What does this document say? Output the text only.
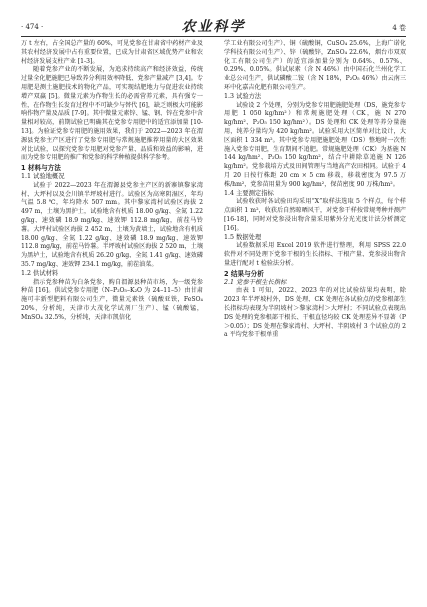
· 474 ·	农业科学	4 卷

万 t 左右，占全国总产量的 60%，可见党参在甘肃省中药材产业及其农村经济发展中占有重要位置，已成为甘肃省区域优势产业和农村经济发展支柱产业 [1-3]。

随着党参产业的不断发展，为追求持续高产和经济效益，传统过量全化肥施肥已导致养分利用效率降低、党参产量减产 [3,4]。专用肥是测土施肥技术的物化产品，可实现结肥地力与促进农业持续增产双赢 [5]。微量元素为作物生长的必需营养元素，具有强专一性，在作物生长发育过程中不可缺少与替代 [6]，缺乏则极大可能影响作物产量及品质 [7-9]。其中微量元素锌、锰、钢、锌在党参中含量相对较高，前期试验已明确其在党参专用肥中的适宜添加量 [10-13]。为验证党参专用肥的施用效果，我们于 2022—2023 年在渭源县党参主产区进行了党参专用肥与常规施肥推荐用量的大区效果对比试验，以探究党参专用肥对党参产量、品质和效益的影响，进而为党参专用肥的推广和党参的科学种植提供科学参考。

1 材料与方法
1.1 试验地概况

试验于 2022—2023 年在渭源县党参主产区的新寨镇黎家湾村、大坪村以及会川镇半坪坡村进行。试验区为高寒阴湿区，年均气温 5.8 ℃，年均降水 507 mm。其中黎家湾村试验区海拔 2 497 m，土壤为黑护土，试验地含有机质 18.00 g/kg、全氮 1.22 g/kg、速效磷 18.9 mg/kg、速效钾 112.8 mg/kg，前茬马铃薯。大坪村试验区海拔 2 452 m，土壤为黄墙土，试验地含有机质 18.00 g/kg、全氮 1.22 g/kg、速效磷 18.9 mg/kg、速效钾 112.8 mg/kg，前茬马铃薯。半坪坡村试验区海拔 2 520 m，土壤为黑垆土，试验地含有机质 26.20 g/kg、全氮 1.41 g/kg、速效磷 35.7 mg/kg、速效钾 234.1 mg/kg，前茬油菜。

1.2 供试材料

指示党参种苗为白条党参，购自渭源县种苗市场，为一级党参种苗 [16]。供试党参专用肥（N–P₂O₅–K₂O 为 24–11–5）由甘肃施可丰新型肥料有限公司生产，微量元素铁（硫酸亚铁，FeSO₄ 20%，分析纯，天津市大茂化学试剂厂生产）、锰（硫酸锰，MnSO₄ 32.5%，分析纯，天津市凯信化

学工业有限公司生产）、铜（硫酸铜，CuSO₄ 25.6%，上海广诺化学科技有限公司生产）、锌（硫酸锌，ZnSO₄ 22.6%，烟台市双双化工有限公司生产）的适宜添加量分别为 0.64%、0.57%、0.29%、0.05%。供试尿素（含 N 46%）由中国石化兰州化学工业总公司生产，供试磷酸二铵（含 N 18%，P₂O₅ 46%）由云南三环中化嘉吉化肥有限公司生产。

1.3 试验方法

试验设 2 个处理，分别为党参专用肥施肥处理（DS，施党参专用肥 1 050 kg/hm²）和常规施肥处理（CK，施 N 270 kg/hm²、P₂O₅ 150 kg/hm²）。DS 处理和 CK 处理等养分量施用，纯养分量均为 420 kg/hm²。试验采用大区简单对比设计，大区面积 1 334 m²。其中党参专用肥施肥处理（DS）整地时一次性施入党参专用肥，生育期间不追肥。常规施肥处理（CK）为基施 N 144 kg/hm²、P₂O₅ 150 kg/hm²，结合中耕除草追施 N 126 kg/hm²。党参栽培方式及田间管理与当地高产农田相同。试验于 4 月 20 日按行株距 20 cm × 5 cm 移栽，移栽密度为 97.5 万株/hm²，党参苗用量为 900 kg/hm²，保苗密度 90 万株/hm²。

1.4 主要测定指标

试验收获时各试验田均采用“X”取样法选取 5 个样点，每个样点面积 1 m²，收获后自然晾晒风干，对党参干样按常规考种并测产 [16-18]，同时对党参浸出物含量采用紫外分光光度计法分析测定 [16]。

1.5 数据处理

试验数据采用 Excel 2019 软件进行整理，利用 SPSS 22.0 软件对不同处理下党参干根的生长指标、干根产量、党参浸出物含量进行配对 t 检验法分析。

2 结果与分析
2.1 党参干根生长指标

由表 1 可知，2022、2023 年的对比试验结果均表明，除 2023 年半坪坡村外，DS 处理、CK 处理在各试验点的党参根部生长指标均表现为半阴坡村＞黎家湾村＞大坪村；不同试验点表现出 DS 处理的党参根部干根长、干根直径均较 CK 处理差异不显著（P＞0.05）；DS 处理在黎家湾村、大坪村、半阴坡村 3 个试验点的 2 a 平均党参干根单重
